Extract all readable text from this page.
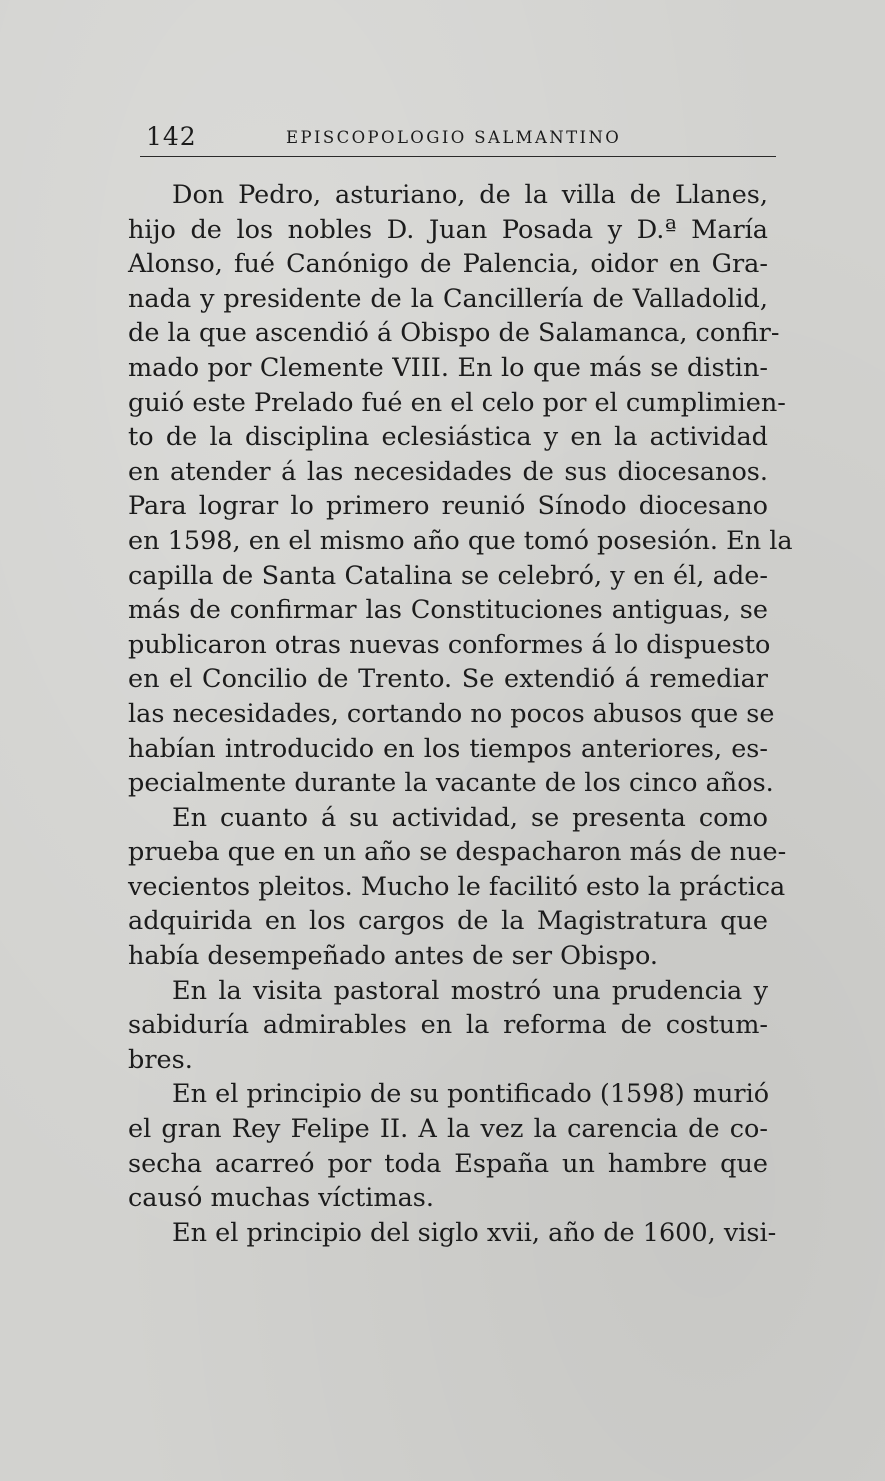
142	EPISCOPOLOGIO SALMANTINO
Don Pedro, asturiano, de la villa de Llanes,
hijo de los nobles D. Juan Posada y D.ª María
Alonso, fué Canónigo de Palencia, oidor en Gra-
nada y presidente de la Cancillería de Valladolid,
de la que ascendió á Obispo de Salamanca, confir-
mado por Clemente VIII. En lo que más se distin-
guió este Prelado fué en el celo por el cumplimien-
to de la disciplina eclesiástica y en la actividad
en atender á las necesidades de sus diocesanos.
Para lograr lo primero reunió Sínodo diocesano
en 1598, en el mismo año que tomó posesión. En la
capilla de Santa Catalina se celebró, y en él, ade-
más de confirmar las Constituciones antiguas, se
publicaron otras nuevas conformes á lo dispuesto
en el Concilio de Trento. Se extendió á remediar
las necesidades, cortando no pocos abusos que se
habían introducido en los tiempos anteriores, es-
pecialmente durante la vacante de los cinco años.
En cuanto á su actividad, se presenta como
prueba que en un año se despacharon más de nue-
vecientos pleitos. Mucho le facilitó esto la práctica
adquirida en los cargos de la Magistratura que
había desempeñado antes de ser Obispo.
En la visita pastoral mostró una prudencia y
sabiduría admirables en la reforma de costum-
bres.
En el principio de su pontificado (1598) murió
el gran Rey Felipe II. A la vez la carencia de co-
secha acarreó por toda España un hambre que
causó muchas víctimas.
En el principio del siglo xvii, año de 1600, visi-
